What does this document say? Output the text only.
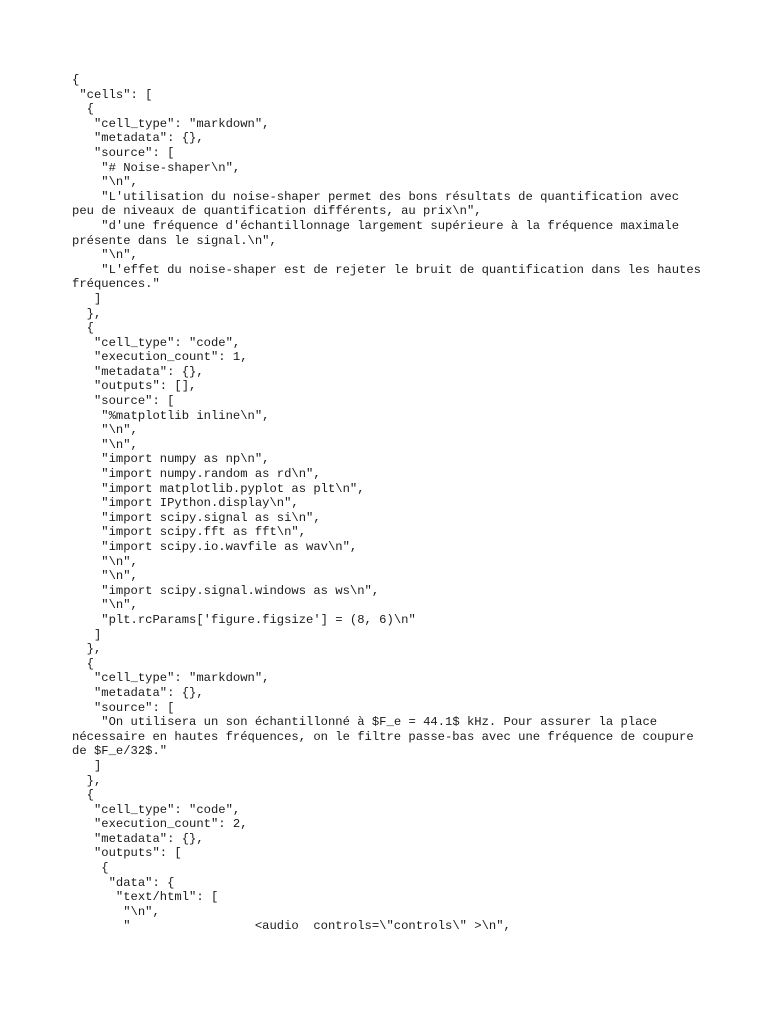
{
"cells": [
{
"cell_type": "markdown",
"metadata": {},
"source": [
"# Noise-shaper\n",
"\n",
"L'utilisation du noise-shaper permet des bons résultats de quantification avec peu de niveaux de quantification différents, au prix\n",
"d'une fréquence d'échantillonnage largement supérieure à la fréquence maximale présente dans le signal.\n",
"\n",
"L'effet du noise-shaper est de rejeter le bruit de quantification dans les hautes fréquences."
]
},
{
"cell_type": "code",
"execution_count": 1,
"metadata": {},
"outputs": [],
"source": [
"%matplotlib inline\n",
"\n",
"\n",
"import numpy as np\n",
"import numpy.random as rd\n",
"import matplotlib.pyplot as plt\n",
"import IPython.display\n",
"import scipy.signal as si\n",
"import scipy.fft as fft\n",
"import scipy.io.wavfile as wav\n",
"\n",
"\n",
"import scipy.signal.windows as ws\n",
"\n",
"plt.rcParams['figure.figsize'] = (8, 6)\n"
]
},
{
"cell_type": "markdown",
"metadata": {},
"source": [
"On utilisera un son échantillonné à $F_e = 44.1$ kHz. Pour assurer la place nécessaire en hautes fréquences, on le filtre passe-bas avec une fréquence de coupure de $F_e/32$."
]
},
{
"cell_type": "code",
"execution_count": 2,
"metadata": {},
"outputs": [
{
"data": {
"text/html": [
"\n",
"                 <audio  controls=\"controls\" >\n",
